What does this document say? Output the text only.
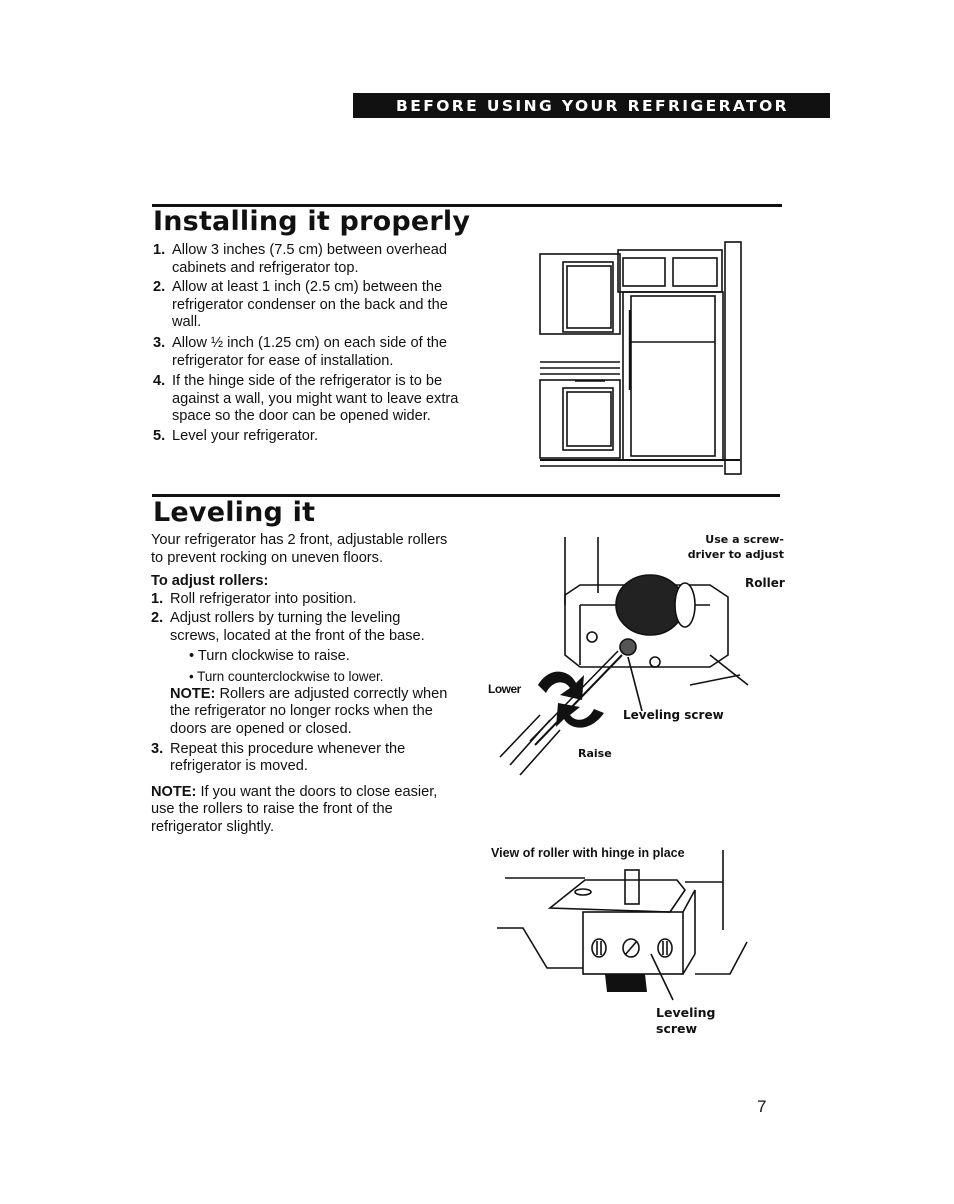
BEFORE USING YOUR REFRIGERATOR
Installing it properly
1. Allow 3 inches (7.5 cm) between overhead cabinets and refrigerator top.

2. Allow at least 1 inch (2.5 cm) between the refrigerator condenser on the back and the wall.

3. Allow ½ inch (1.25 cm) on each side of the refrigerator for ease of installation.

4. If the hinge side of the refrigerator is to be against a wall, you might want to leave extra space so the door can be opened wider.

5. Level your refrigerator.

Leveling it

Your refrigerator has 2 front, adjustable rollers to prevent rocking on uneven floors.

To adjust rollers:

1. Roll refrigerator into position.

2. Adjust rollers by turning the leveling screws, located at the front of the base.

• Turn clockwise to raise.
• Turn counterclockwise to lower.

NOTE: Rollers are adjusted correctly when the refrigerator no longer rocks when the doors are opened or closed.

3. Repeat this procedure whenever the refrigerator is moved.

NOTE: If you want the doors to close easier, use the rollers to raise the front of the refrigerator slightly.

Use a screw-driver to adjust
Roller
Lower
Leveling screw
Raise
View of roller with hinge in place
Leveling
screw
7
